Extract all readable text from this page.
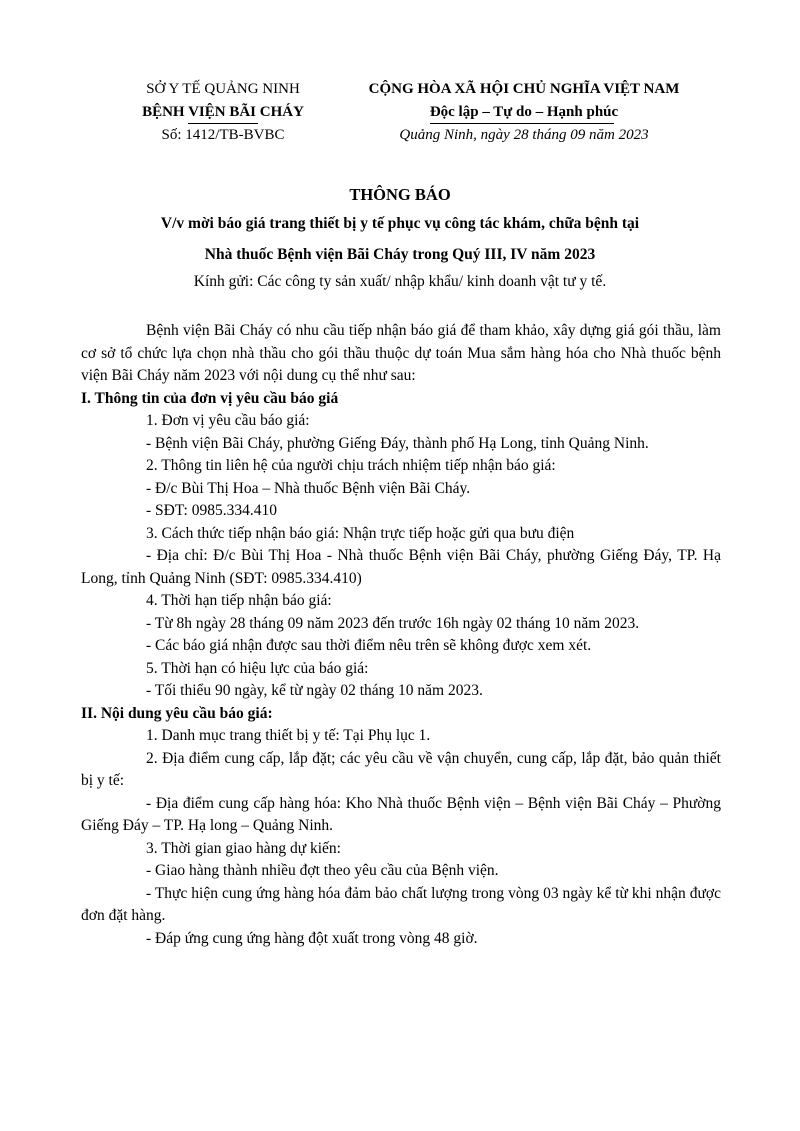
SỞ Y TẾ QUẢNG NINH
BỆNH VIỆN BÃI CHÁY
Số: 1412/TB-BVBC
CỘNG HÒA XÃ HỘI CHỦ NGHĨA VIỆT NAM
Độc lập – Tự do – Hạnh phúc
Quảng Ninh, ngày 28 tháng 09 năm 2023
THÔNG BÁO
V/v mời báo giá trang thiết bị y tế phục vụ công tác khám, chữa bệnh tại
Nhà thuốc Bệnh viện Bãi Cháy trong Quý III, IV năm 2023
Kính gửi: Các công ty sản xuất/ nhập khẩu/ kinh doanh vật tư y tế.

Bệnh viện Bãi Cháy có nhu cầu tiếp nhận báo giá để tham khảo, xây dựng giá gói thầu, làm cơ sở tổ chức lựa chọn nhà thầu cho gói thầu thuộc dự toán Mua sắm hàng hóa cho Nhà thuốc bệnh viện Bãi Cháy năm 2023 với nội dung cụ thể như sau:

I. Thông tin của đơn vị yêu cầu báo giá

1. Đơn vị yêu cầu báo giá:

- Bệnh viện Bãi Cháy, phường Giếng Đáy, thành phố Hạ Long, tỉnh Quảng Ninh.

2. Thông tin liên hệ của người chịu trách nhiệm tiếp nhận báo giá:

- Đ/c Bùi Thị Hoa – Nhà thuốc Bệnh viện Bãi Cháy.

- SĐT: 0985.334.410

3. Cách thức tiếp nhận báo giá: Nhận trực tiếp hoặc gửi qua bưu điện

- Địa chỉ: Đ/c Bùi Thị Hoa - Nhà thuốc Bệnh viện Bãi Cháy, phường Giếng Đáy, TP. Hạ Long, tỉnh Quảng Ninh (SĐT: 0985.334.410)

4. Thời hạn tiếp nhận báo giá:

- Từ 8h ngày 28 tháng 09 năm 2023 đến trước 16h ngày 02 tháng 10 năm 2023.

- Các báo giá nhận được sau thời điểm nêu trên sẽ không được xem xét.

5. Thời hạn có hiệu lực của báo giá:

- Tối thiểu 90 ngày, kể từ ngày 02 tháng 10 năm 2023.

II. Nội dung yêu cầu báo giá:

1. Danh mục trang thiết bị y tế: Tại Phụ lục 1.

2. Địa điểm cung cấp, lắp đặt; các yêu cầu về vận chuyển, cung cấp, lắp đặt, bảo quản thiết bị y tế:

- Địa điểm cung cấp hàng hóa: Kho Nhà thuốc Bệnh viện – Bệnh viện Bãi Cháy – Phường Giếng Đáy – TP. Hạ long – Quảng Ninh.

3. Thời gian giao hàng dự kiến:

- Giao hàng thành nhiều đợt theo yêu cầu của Bệnh viện.

- Thực hiện cung ứng hàng hóa đảm bảo chất lượng trong vòng 03 ngày kể từ khi nhận được đơn đặt hàng.

- Đáp ứng cung ứng hàng đột xuất trong vòng 48 giờ.
